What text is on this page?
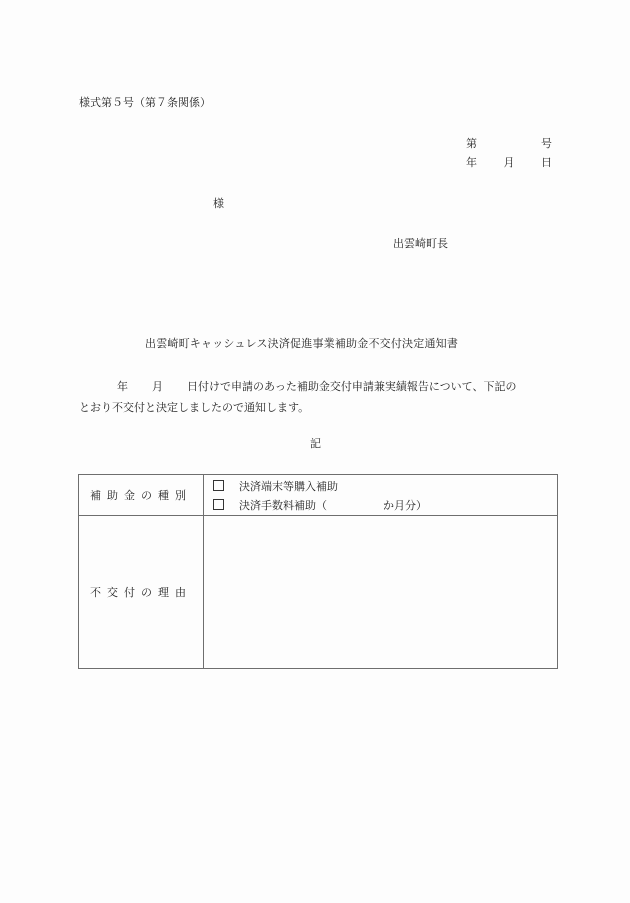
様式第５号（第７条関係）
第	号
年 月 日
様
出雲崎町長
出雲崎町キャッシュレス決済促進事業補助金不交付決定通知書
年 月 日付けで申請のあった補助金交付申請兼実績報告について、下記の
とおり不交付と決定しましたので通知します。
記
補助金の種別	決済端末等購入補助
決済手数料補助（ か月分）

不交付の理由	
